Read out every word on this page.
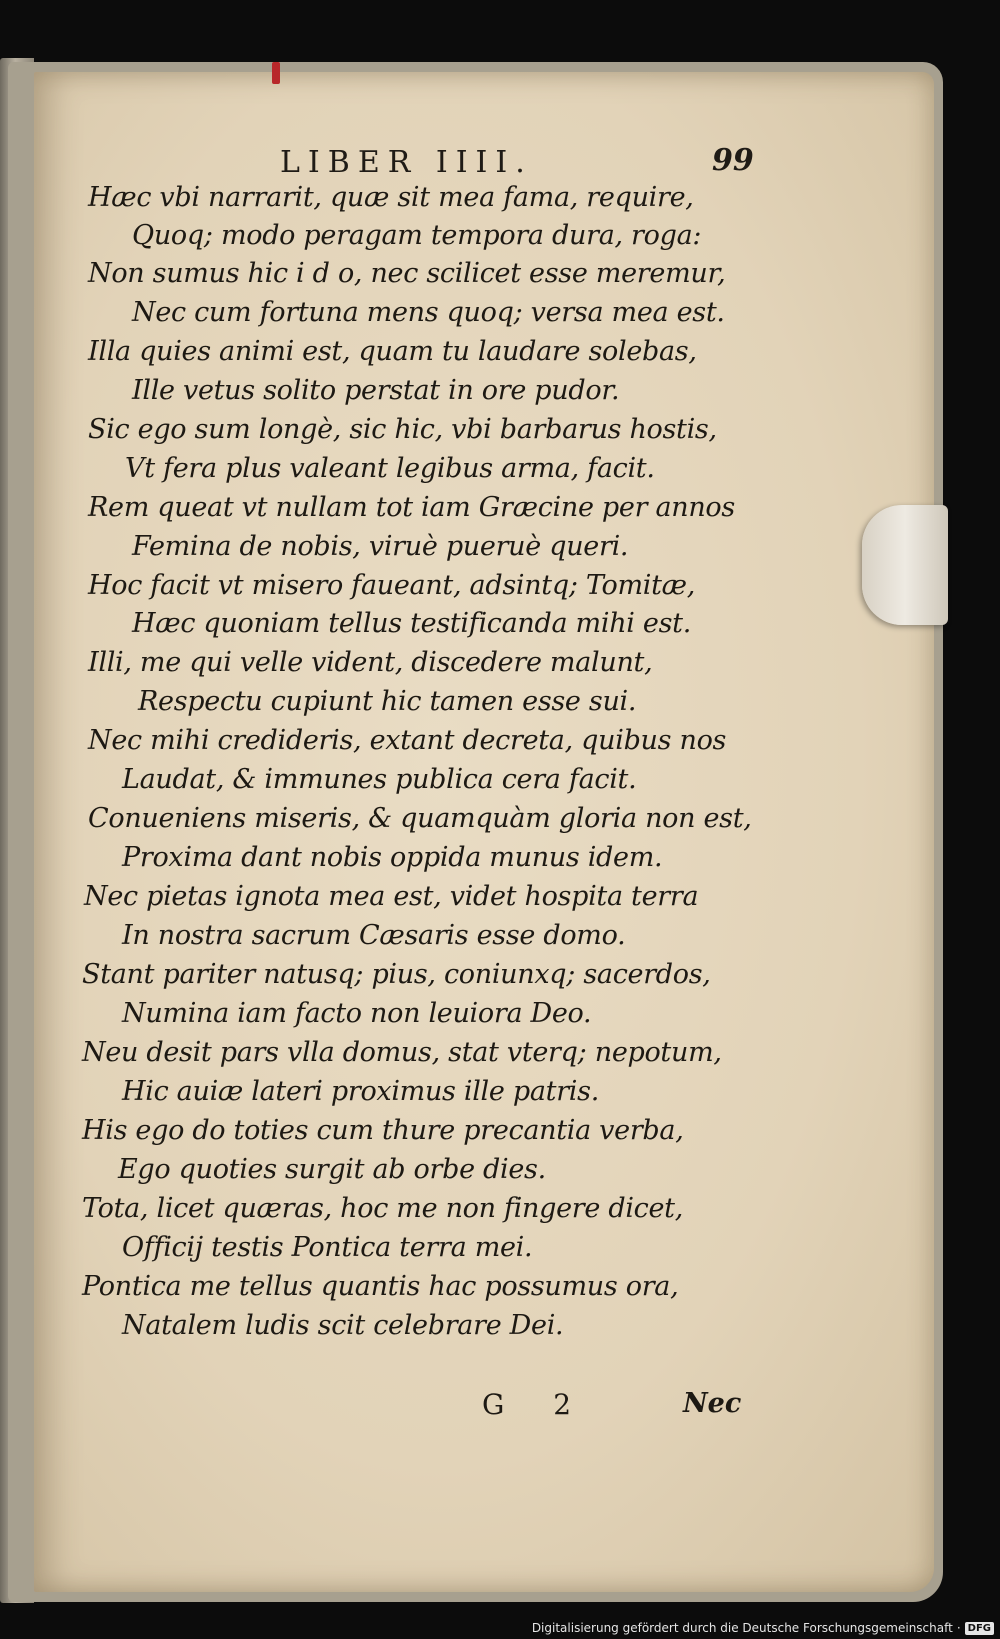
LIBER IIII.	99
Hæc vbi narrarit, quæ sit mea fama, require,
Quoq; modo peragam tempora dura, roga:
Non sumus hic i d o, nec scilicet esse meremur,
Nec cum fortuna mens quoq; versa mea est.
Illa quies animi est, quam tu laudare solebas,
Ille vetus solito perstat in ore pudor.
Sic ego sum longè, sic hic, vbi barbarus hostis,
Vt fera plus valeant legibus arma, facit.
Rem queat vt nullam tot iam Græcine per annos
Femina de nobis, viruè pueruè queri.
Hoc facit vt misero faueant, adsintq; Tomitæ,
Hæc quoniam tellus testificanda mihi est.
Illi, me qui velle vident, discedere malunt,
Respectu cupiunt hic tamen esse sui.
Nec mihi credideris, extant decreta, quibus nos
Laudat, & immunes publica cera facit.
Conueniens miseris, & quamquàm gloria non est,
Proxima dant nobis oppida munus idem.
Nec pietas ignota mea est, videt hospita terra
In nostra sacrum Cæsaris esse domo.
Stant pariter natusq; pius, coniunxq; sacerdos,
Numina iam facto non leuiora Deo.
Neu desit pars vlla domus, stat vterq; nepotum,
Hic auiæ lateri proximus ille patris.
His ego do toties cum thure precantia verba,
Ego quoties surgit ab orbe dies.
Tota, licet quæras, hoc me non fingere dicet,
Officij testis Pontica terra mei.
Pontica me tellus quantis hac possumus ora,
Natalem ludis scit celebrare Dei.
G 2	Nec
Digitalisierung gefördert durch die Deutsche Forschungsgemeinschaft · DFG
